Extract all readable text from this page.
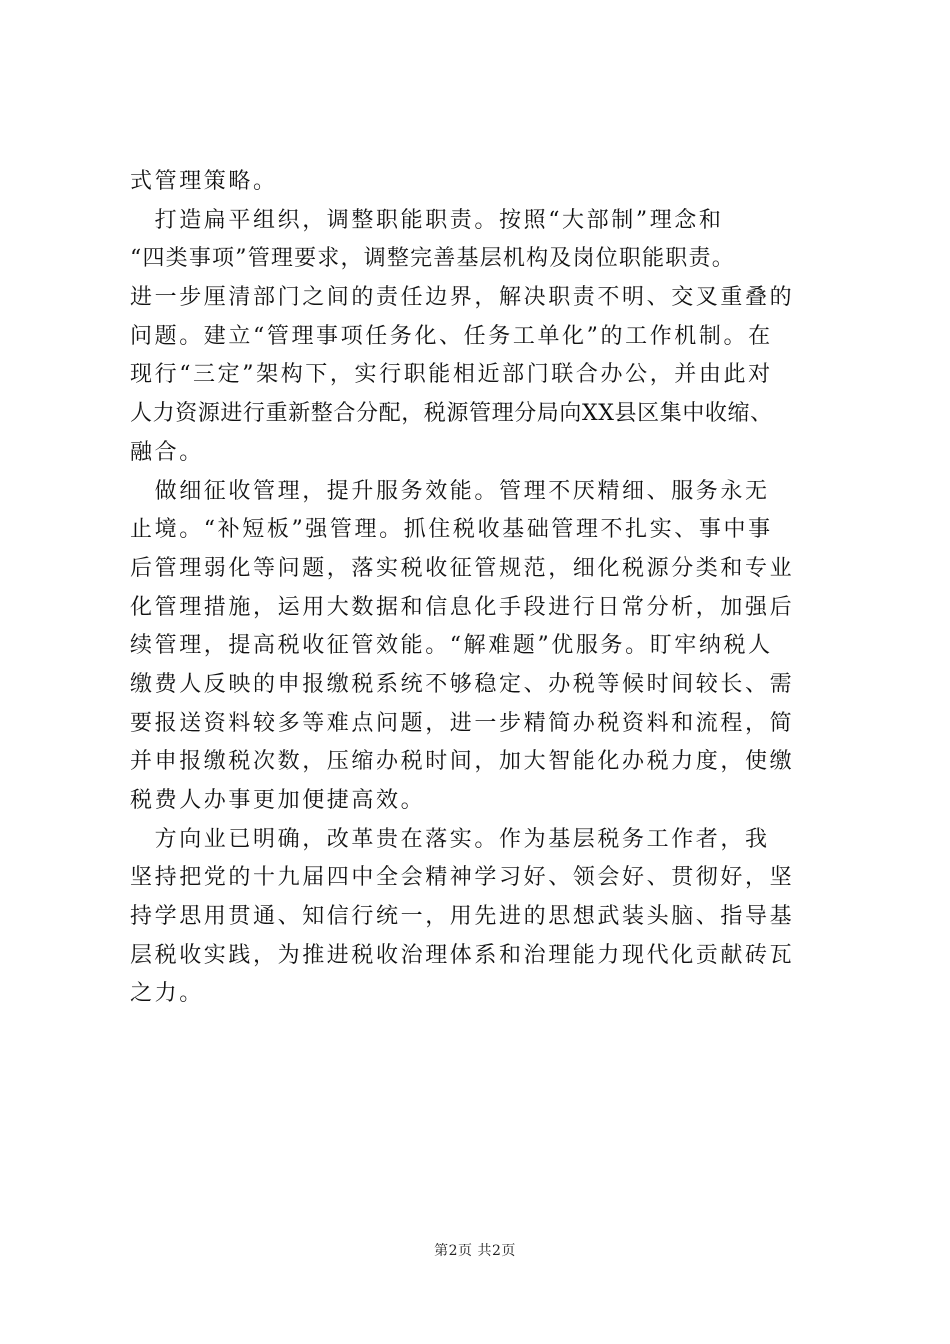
式管理策略。
　打造扁平组织，调整职能职责。按照“大部制”理念和
“四类事项”管理要求，调整完善基层机构及岗位职能职责。
进一步厘清部门之间的责任边界，解决职责不明、交叉重叠的
问题。建立“管理事项任务化、任务工单化”的工作机制。在
现行“三定”架构下，实行职能相近部门联合办公，并由此对
人力资源进行重新整合分配，税源管理分局向XX县区集中收缩、
融合。
　做细征收管理，提升服务效能。管理不厌精细、服务永无
止境。“补短板”强管理。抓住税收基础管理不扎实、事中事
后管理弱化等问题，落实税收征管规范，细化税源分类和专业
化管理措施，运用大数据和信息化手段进行日常分析，加强后
续管理，提高税收征管效能。“解难题”优服务。盯牢纳税人
缴费人反映的申报缴税系统不够稳定、办税等候时间较长、需
要报送资料较多等难点问题，进一步精简办税资料和流程，简
并申报缴税次数，压缩办税时间，加大智能化办税力度，使缴
税费人办事更加便捷高效。
　方向业已明确，改革贵在落实。作为基层税务工作者，我
坚持把党的十九届四中全会精神学习好、领会好、贯彻好，坚
持学思用贯通、知信行统一，用先进的思想武装头脑、指导基
层税收实践，为推进税收治理体系和治理能力现代化贡献砖瓦
之力。
第2页 共2页
